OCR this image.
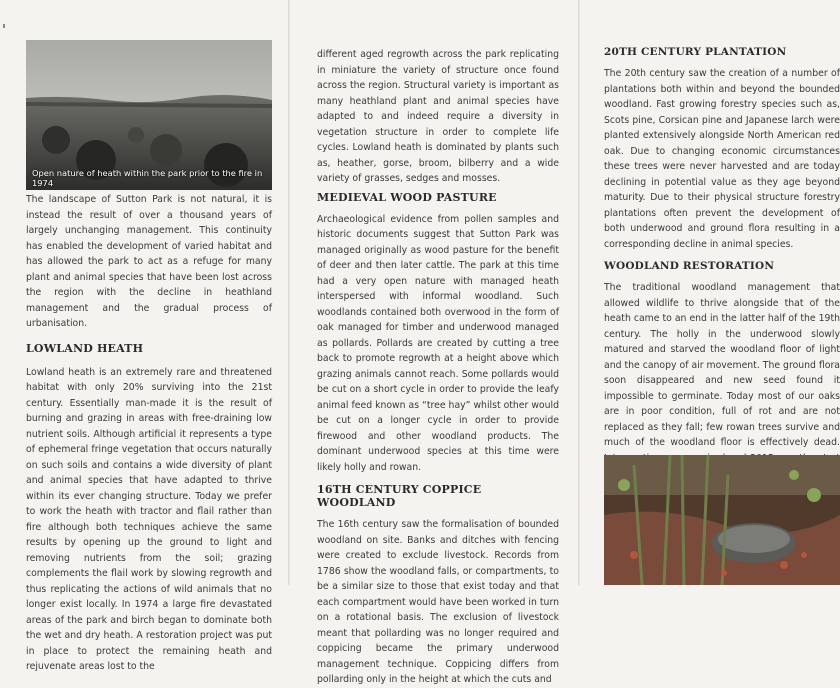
Open nature of heath within the park prior to the fire in 1974

The landscape of Sutton Park is not natural, it is instead the result of over a thousand years of largely unchanging management. This continuity has enabled the development of varied habitat and has allowed the park to act as a refuge for many plant and animal species that have been lost across the region with the decline in heathland management and the gradual process of urbanisation.

LOWLAND HEATH

Lowland heath is an extremely rare and threatened habitat with only 20% surviving into the 21st century. Essentially man-made it is the result of burning and grazing in areas with free-draining low nutrient soils. Although artificial it represents a type of ephemeral fringe vegetation that occurs naturally on such soils and contains a wide diversity of plant and animal species that have adapted to thrive within its ever changing structure. Today we prefer to work the heath with tractor and flail rather than fire although both techniques achieve the same results by opening up the ground to light and removing nutrients from the soil; grazing complements the flail work by slowing regrowth and thus replicating the actions of wild animals that no longer exist locally. In 1974 a large fire devastated areas of the park and birch began to dominate both the wet and dry heath. A restoration project was put in place to protect the remaining heath and rejuvenate areas lost to the

different aged regrowth across the park replicating in miniature the variety of structure once found across the region. Structural variety is important as many heathland plant and animal species have adapted to and indeed require a diversity in vegetation structure in order to complete life cycles. Lowland heath is dominated by plants such as, heather, gorse, broom, bilberry and a wide variety of grasses, sedges and mosses.

MEDIEVAL WOOD PASTURE

Archaeological evidence from pollen samples and historic documents suggest that Sutton Park was managed originally as wood pasture for the benefit of deer and then later cattle. The park at this time had a very open nature with managed heath interspersed with informal woodland. Such woodlands contained both overwood in the form of oak managed for timber and underwood managed as pollards. Pollards are created by cutting a tree back to promote regrowth at a height above which grazing animals cannot reach. Some pollards would be cut on a short cycle in order to provide the leafy animal feed known as “tree hay” whilst other would be cut on a longer cycle in order to provide firewood and other woodland products. The dominant underwood species at this time were likely holly and rowan.

16TH CENTURY COPPICE WOODLAND

The 16th century saw the formalisation of bounded woodland on site. Banks and ditches with fencing were created to exclude livestock. Records from 1786 show the woodland falls, or compartments, to be a similar size to those that exist today and that each compartment would have been worked in turn on a rotational basis. The exclusion of livestock meant that pollarding was no longer required and coppicing became the primary underwood management technique. Coppicing differs from pollarding only in the height at which the cuts and

20TH CENTURY PLANTATION

The 20th century saw the creation of a number of plantations both within and beyond the bounded woodland. Fast growing forestry species such as, Scots pine, Corsican pine and Japanese larch were planted extensively alongside North American red oak. Due to changing economic circumstances these trees were never harvested and are today declining in potential value as they age beyond maturity. Due to their physical structure forestry plantations often prevent the development of both underwood and ground flora resulting in a corresponding decline in animal species.

WOODLAND RESTORATION

The traditional woodland management that allowed wildlife to thrive alongside that of the heath came to an end in the latter half of the 19th century. The holly in the underwood slowly matured and starved the woodland floor of light and the canopy of air movement. The ground flora soon disappeared and new seed found it impossible to germinate. Today most of our oaks are in poor condition, full of rot and are not replaced as they fall; few rowan trees survive and much of the woodland floor is effectively dead.
